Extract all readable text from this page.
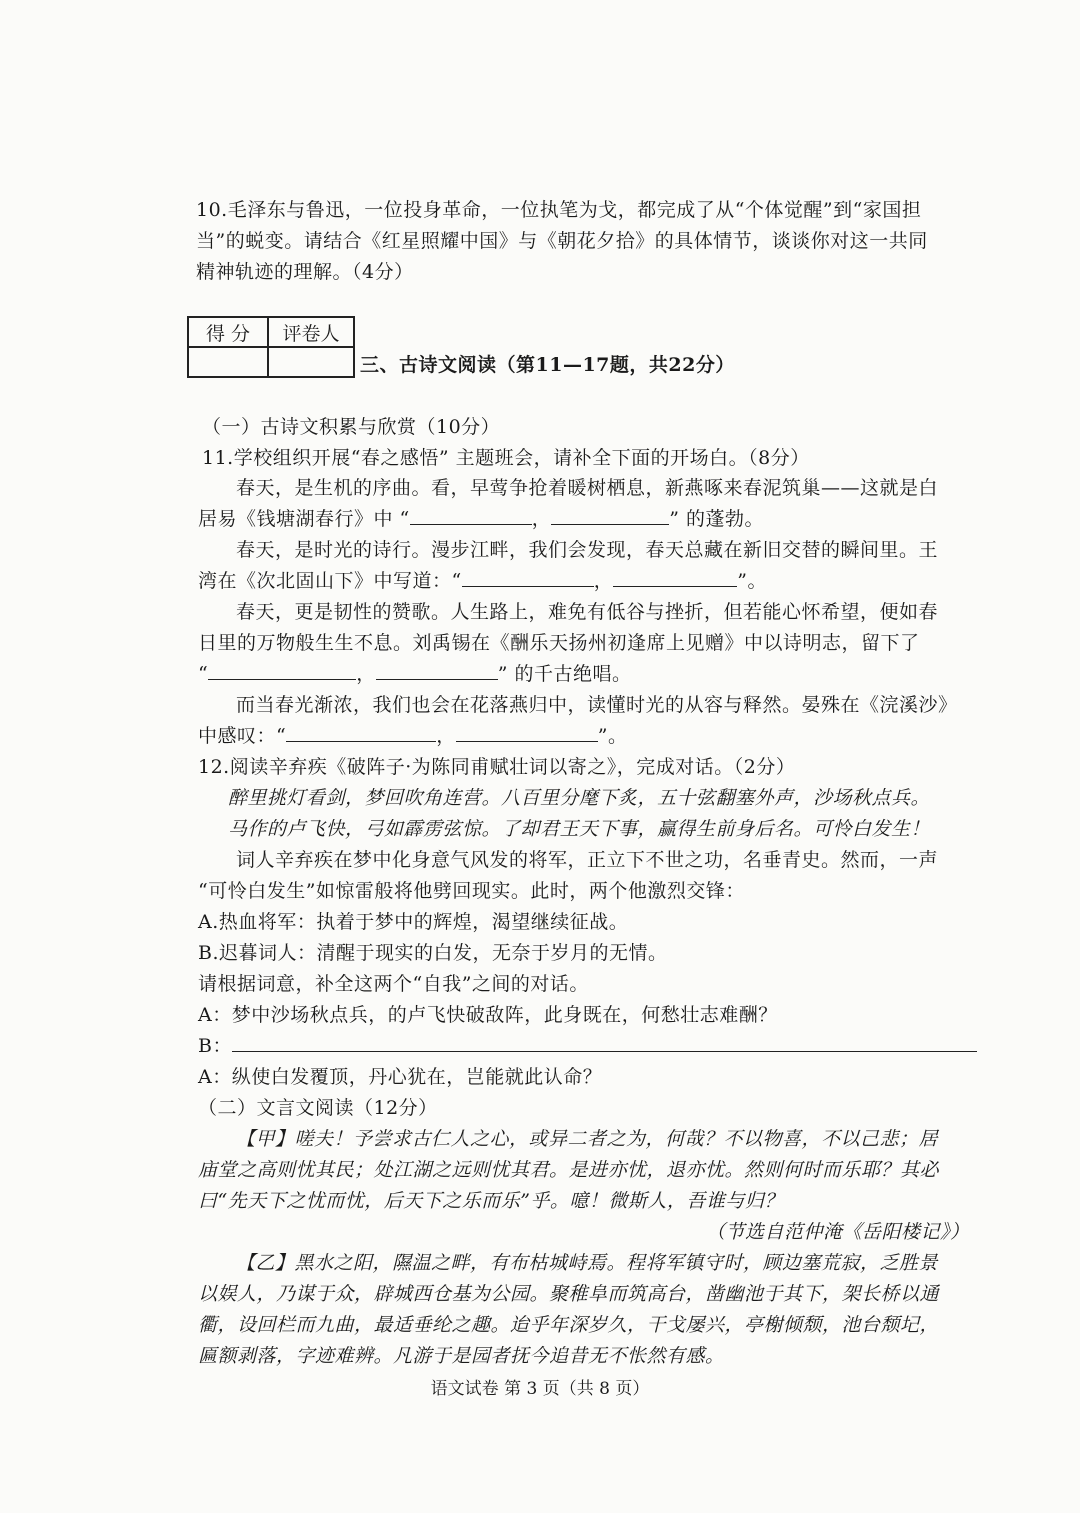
10.毛泽东与鲁迅，一位投身革命，一位执笔为戈，都完成了从“个体觉醒”到“家国担
当”的蜕变。请结合《红星照耀中国》与《朝花夕拾》的具体情节，谈谈你对这一共同
精神轨迹的理解。（4分）
得 分	评卷人

三、古诗文阅读（第11—17题，共22分）
（一）古诗文积累与欣赏（10分）
11.学校组织开展“春之感悟” 主题班会，请补全下面的开场白。（8分）
春天，是生机的序曲。看，早莺争抢着暖树栖息，新燕啄来春泥筑巢——这就是白
居易《钱塘湖春行》中 “	，	” 的蓬勃。
春天，是时光的诗行。漫步江畔，我们会发现，春天总藏在新旧交替的瞬间里。王
湾在《次北固山下》中写道：“	，	”。
春天，更是韧性的赞歌。人生路上，难免有低谷与挫折，但若能心怀希望，便如春
日里的万物般生生不息。刘禹锡在《酬乐天扬州初逢席上见赠》中以诗明志，留下了
“	，	” 的千古绝唱。
而当春光渐浓，我们也会在花落燕归中，读懂时光的从容与释然。晏殊在《浣溪沙》
中感叹：“	，	”。
12.阅读辛弃疾《破阵子·为陈同甫赋壮词以寄之》，完成对话。（2分）
醉里挑灯看剑，梦回吹角连营。八百里分麾下炙，五十弦翻塞外声，沙场秋点兵。
马作的卢飞快，弓如霹雳弦惊。了却君王天下事，赢得生前身后名。可怜白发生！
词人辛弃疾在梦中化身意气风发的将军，正立下不世之功，名垂青史。然而，一声
“可怜白发生”如惊雷般将他劈回现实。此时，两个他激烈交锋：
A.热血将军：执着于梦中的辉煌，渴望继续征战。
B.迟暮词人：清醒于现实的白发，无奈于岁月的无情。
请根据词意，补全这两个“自我”之间的对话。
A：梦中沙场秋点兵，的卢飞快破敌阵，此身既在，何愁壮志难酬？
B：
A：纵使白发覆顶，丹心犹在，岂能就此认命？
（二）文言文阅读（12分）
【甲】嗟夫！予尝求古仁人之心，或异二者之为，何哉？不以物喜，不以己悲；居
庙堂之高则忧其民；处江湖之远则忧其君。是进亦忧，退亦忧。然则何时而乐耶？其必
曰“先天下之忧而忧，后天下之乐而乐”乎。噫！微斯人，吾谁与归？
（节选自范仲淹《岳阳楼记》）
【乙】黑水之阳，隰温之畔，有布枯城峙焉。程将军镇守时，顾边塞荒寂，乏胜景
以娱人，乃谋于众，辟城西仓基为公园。聚稚阜而筑高台，凿幽池于其下，架长桥以通
衢，设回栏而九曲，最适垂纶之趣。迨乎年深岁久，干戈屡兴，亭榭倾颓，池台颓圮，
匾额剥落，字迹难辨。凡游于是园者抚今追昔无不怅然有感。
语文试卷 第 3 页（共 8 页）
